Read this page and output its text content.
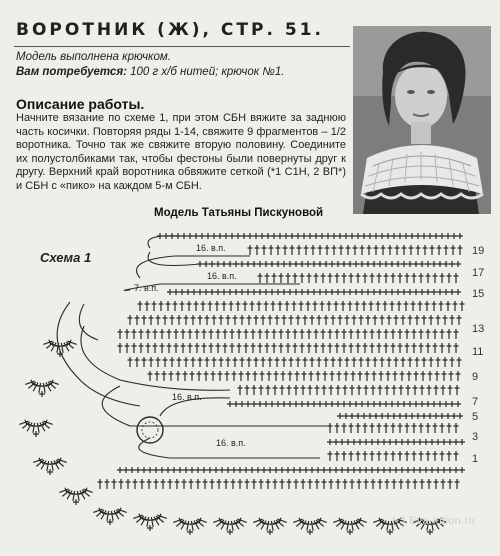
ВОРОТНИК (Ж), СТР. 51.
Модель выполнена крючком.
Вам потребуется: 100 г х/б нитей; крючок №1.
Описание работы.
Начните вязание по схеме 1, при этом СБН вяжите за заднюю часть косички. Повторяя ряды 1-14, свяжите 9 фрагментов – 1/2 воротника. Точно так же свяжите вторую половину. Соедините их полустолбиками так, чтобы фестоны были повернуты друг к другу. Верхний край воротника обвяжите сеткой (*1 С1Н, 2 ВП*) и СБН с «пико» на каждом 5-м СБН.
Модель Татьяны Пискуновой
Схема 1
16. в.п.
16. в.п.
7. в.п.
16. в.п.
16. в.п.
19
17
15
13
11
9
7
5
3
1
(c) Eva-lution.ru
